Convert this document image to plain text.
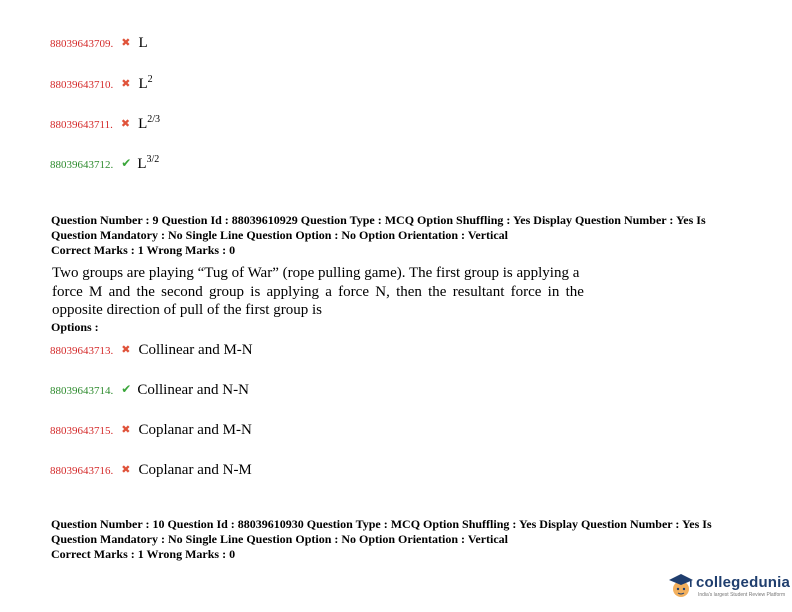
88039643709. ✖ L
88039643710. ✖ $L^2$
88039643711. ✖ $L^{2/3}$
88039643712. ✔ $L^{3/2}$
Question Number : 9 Question Id : 88039610929 Question Type : MCQ Option Shuffling : Yes Display Question Number : Yes Is
Question Mandatory : No Single Line Question Option : No Option Orientation : Vertical
Correct Marks : 1 Wrong Marks : 0
Two groups are playing “Tug of War” (rope pulling game). The first group is applying a
force M and the second group is applying a force N, then the resultant force in the
opposite direction of pull of the first group is
Options :
88039643713. ✖ Collinear and M-N
88039643714. ✔ Collinear and N-N
88039643715. ✖ Coplanar and M-N
88039643716. ✖ Coplanar and N-M
Question Number : 10 Question Id : 88039610930 Question Type : MCQ Option Shuffling : Yes Display Question Number : Yes Is
Question Mandatory : No Single Line Question Option : No Option Orientation : Vertical
Correct Marks : 1 Wrong Marks : 0
collegedunia
India's largest Student Review Platform
